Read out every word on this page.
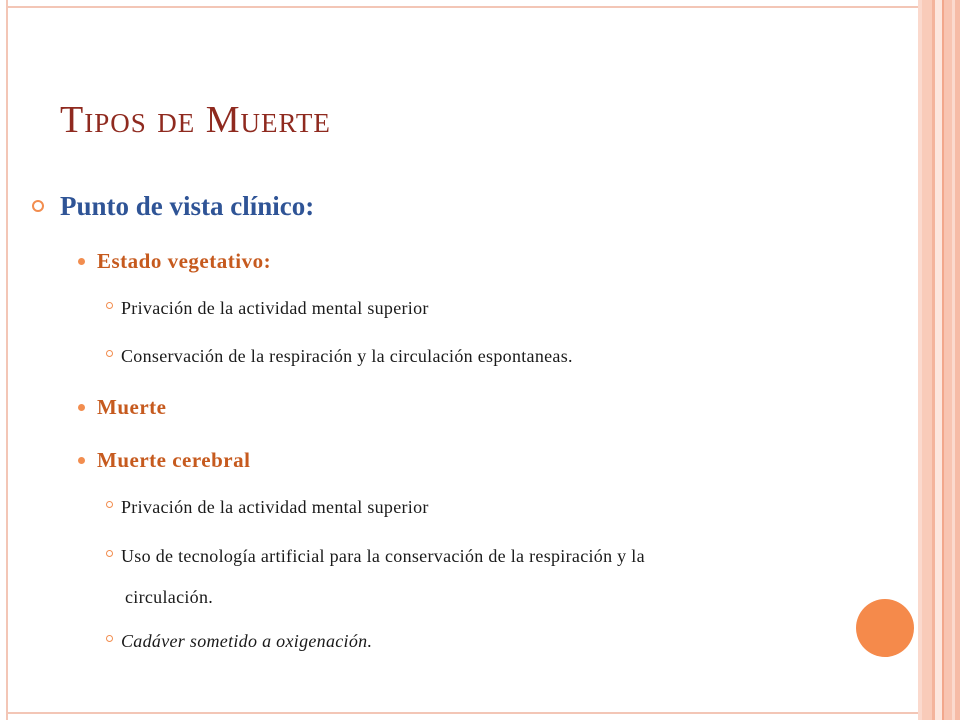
Tipos de Muerte
Punto de vista clínico:
Estado vegetativo:
Privación de la actividad mental superior
Conservación de la respiración y la circulación espontaneas.
Muerte
Muerte cerebral
Privación de la actividad mental superior
Uso de tecnología artificial para la conservación de la respiración y la
circulación.
Cadáver sometido a oxigenación.
